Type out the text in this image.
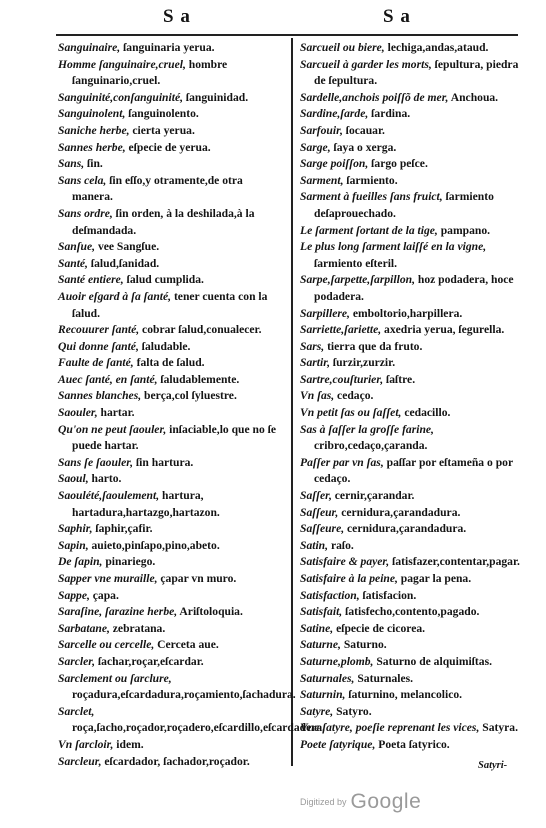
S a	S a
Sanguinaire, ſanguinaria yerua.
Homme ſanguinaire,cruel, hombre ſanguinario,cruel.
Sanguinité,conſanguinité, ſanguinidad.
Sanguinolent, ſanguinolento.
Saniche herbe, cierta yerua.
Sannes herbe, eſpecie de yerua.
Sans, ſin.
Sans cela, ſin eſſo,y otramente,de otra manera.
Sans ordre, ſin orden, à la deshilada,à la deſmandada.
Sanſue, vee Sangſue.
Santé, ſalud,ſanidad.
Santé entiere, ſalud cumplida.
Auoir eſgard à ſa ſanté, tener cuenta con la ſalud.
Recouurer ſanté, cobrar ſalud,conualecer.
Qui donne ſanté, ſaludable.
Faulte de ſanté, falta de ſalud.
Auec ſanté, en ſanté, ſaludablemente.
Sannes blanches, berça,col ſyluestre.
Saouler, hartar.
Qu'on ne peut ſaouler, inſaciable,lo que no ſe puede hartar.
Sans ſe ſaouler, ſin hartura.
Saoul, harto.
Saoulété,ſaoulement, hartura, hartadura,hartazgo,hartazon.
Saphir, ſaphir,çafir.
Sapin, auieto,pinſapo,pino,abeto.
De ſapin, pinariego.
Sapper vne muraille, çapar vn muro.
Sappe, çapa.
Saraſine, ſarazine herbe, Ariſtoloquia.
Sarbatane, zebratana.
Sarcelle ou cercelle, Cerceta aue.
Sarcler, ſachar,roçar,eſcardar.
Sarclement ou ſarclure, roçadura,eſcardadura,roçamiento,ſachadura.
Sarclet, roça,ſacho,roçador,roçadero,eſcardillo,eſcardadera.
Vn ſarcloir, idem.
Sarcleur, eſcardador, ſachador,roçador.
Sarcueil ou biere, lechiga,andas,ataud.
Sarcueil à garder les morts, ſepultura, piedra de ſepultura.
Sardelle,anchois poiſſõ de mer, Anchoua.
Sardine,ſarde, ſardina.
Sarfouir, ſocauar.
Sarge, ſaya o xerga.
Sarge poiſſon, ſargo peſce.
Sarment, ſarmiento.
Sarment à fueilles ſans fruict, ſarmiento deſaprouechado.
Le ſarment ſortant de la tige, pampano.
Le plus long ſarment laiſſé en la vigne, ſarmiento eſteril.
Sarpe,ſarpette,ſarpillon, hoz podadera, hoce podadera.
Sarpillere, emboltorio,harpillera.
Sarriette,ſariette, axedria yerua, ſegurella.
Sars, tierra que da fruto.
Sartir, ſurzir,zurzir.
Sartre,couſturier, ſaſtre.
Vn ſas, cedaço.
Vn petit ſas ou ſaſſet, cedacillo.
Sas à ſaſſer la groſſe farine, cribro,cedaço,çaranda.
Paſſer par vn ſas, paſſar por eſtameña o por cedaço.
Saſſer, cernir,çarandar.
Saſſeur, cernidura,çarandadura.
Saſſeure, cernidura,çarandadura.
Satin, raſo.
Satisfaire & payer, ſatisfazer,contentar,pagar.
Satisfaire à la peine, pagar la pena.
Satisfaction, ſatisfacion.
Satisfait, ſatisfecho,contento,pagado.
Satine, eſpecie de cicorea.
Saturne, Saturno.
Saturne,plomb, Saturno de alquimiſtas.
Saturnales, Saturnales.
Saturnin, ſaturnino, melancolico.
Satyre, Satyro.
Vne ſatyre, poeſie reprenant les vices, Satyra.
Poete ſatyrique, Poeta ſatyrico.
Satyri-
Digitized by Google
